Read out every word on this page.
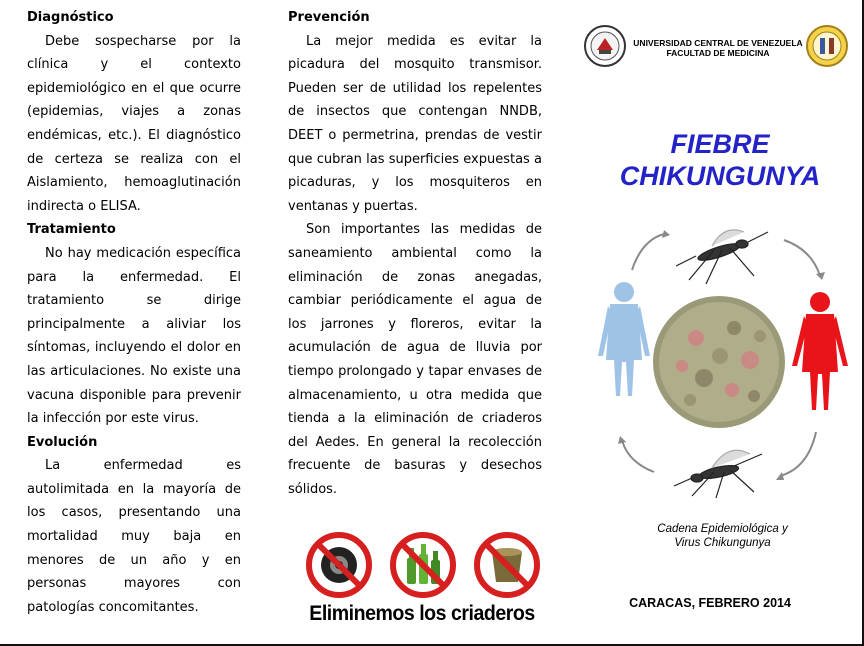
Diagnóstico

Debe sospecharse por la clínica y el contexto epidemiológico en el que ocurre (epidemias, viajes a zonas endémicas, etc.). El diagnóstico de certeza se realiza con el Aislamiento, hemoaglutinación indirecta o ELISA.

Tratamiento

No hay medicación específica para la enfermedad. El tratamiento se dirige principalmente a aliviar los síntomas, incluyendo el dolor en las articulaciones. No existe una vacuna disponible para prevenir la infección por este virus.

Evolución

La enfermedad es autolimitada en la mayoría de los casos, presentando una mortalidad muy baja en menores de un año y en personas mayores con patologías concomitantes.

Prevención

La mejor medida es evitar la picadura del mosquito transmisor. Pueden ser de utilidad los repelentes de insectos que contengan NNDB, DEET o permetrina, prendas de vestir que cubran las superficies expuestas a picaduras, y los mosquiteros en ventanas y puertas.

Son importantes las medidas de saneamiento ambiental como la eliminación de zonas anegadas, cambiar periódicamente el agua de los jarrones y floreros, evitar la acumulación de agua de lluvia por tiempo prolongado y tapar envases de almacenamiento, u otra medida que tienda a la eliminación de criaderos del Aedes. En general la recolección frecuente de basuras y desechos sólidos.

Eliminemos los criaderos
UNIVERSIDAD CENTRAL DE VENEZUELA
FACULTAD DE MEDICINA
FIEBRE
CHIKUNGUNYA
Cadena Epidemiológica y
Virus Chikungunya
CARACAS, FEBRERO 2014
